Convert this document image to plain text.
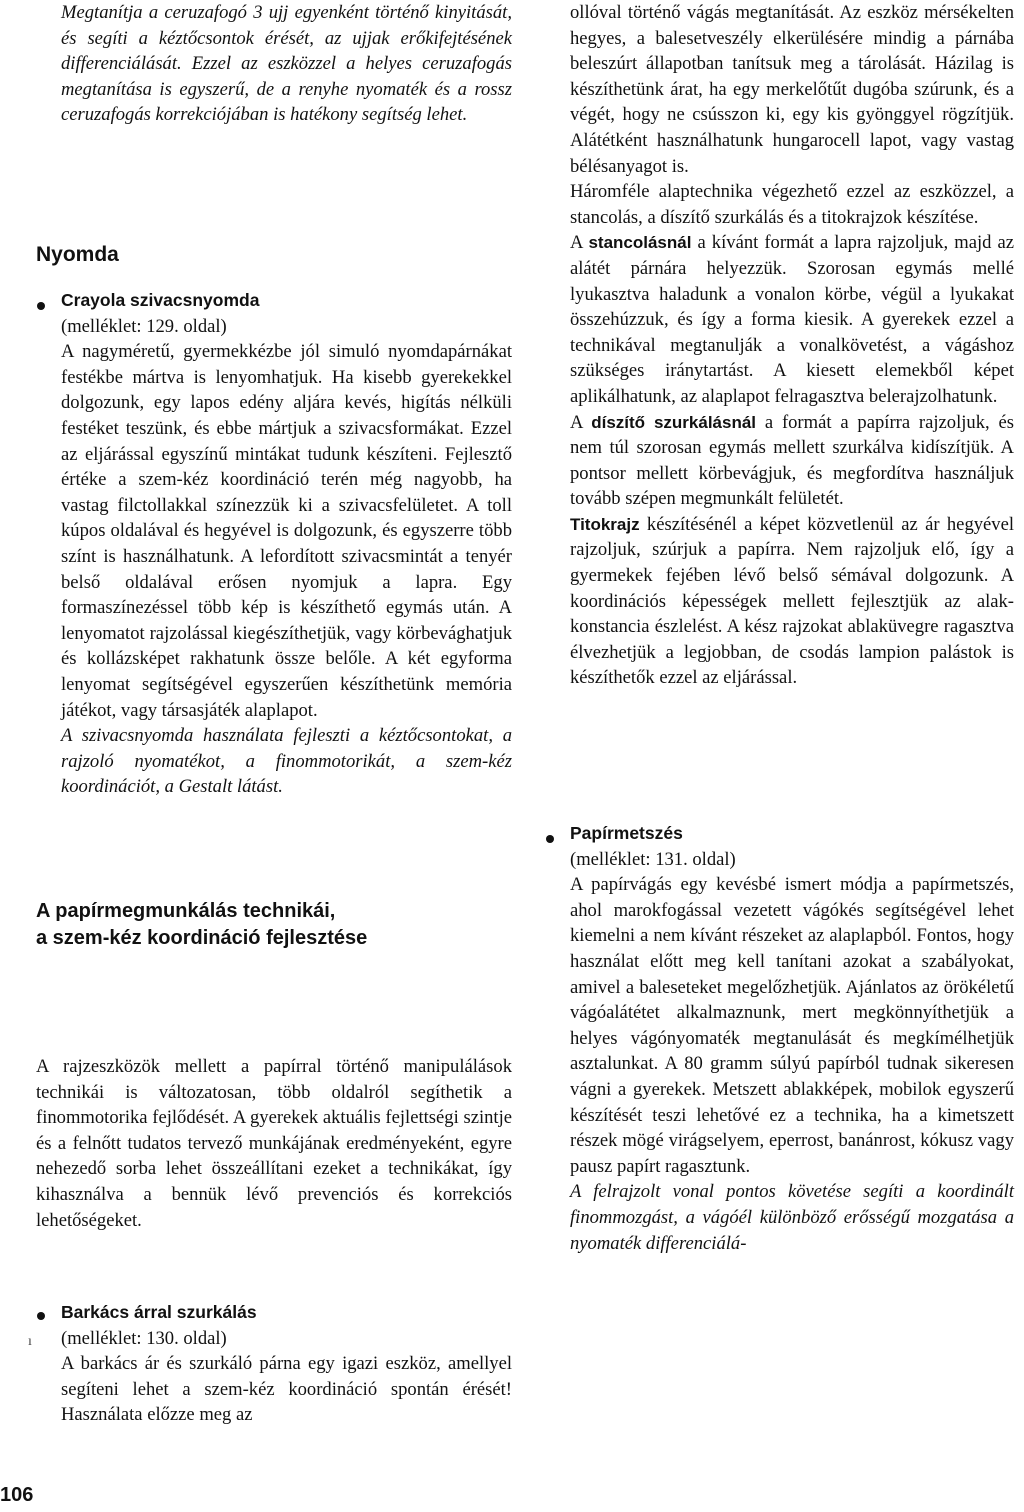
Megtanítja a ceruzafogó 3 ujj egyenként történő kinyitását, és segíti a kéztőcsontok érését, az ujjak erőkifejtésének differenciálását. Ezzel az eszközzel a helyes ceruzafogás megtanítása is egyszerű, de a renyhe nyomaték és a rossz ceruzafogás korrekciójában is hatékony segítség lehet.
Nyomda
Crayola szivacsnyomda
(melléklet: 129. oldal)

A nagyméretű, gyermekkézbe jól simuló nyomdapárnákat festékbe mártva is lenyomhatjuk. Ha kisebb gyerekekkel dolgozunk, egy lapos edény aljára kevés, higítás nélküli festéket teszünk, és ebbe mártjuk a szivacsformákat. Ezzel az eljárással egyszínű mintákat tudunk készíteni. Fejlesztő értéke a szem-kéz koordináció terén még nagyobb, ha vastag filctollakkal színezzük ki a szivacsfelületet. A toll kúpos oldalával és hegyével is dolgozunk, és egyszerre több színt is használhatunk. A lefordított szivacsmintát a tenyér belső oldalával erősen nyomjuk a lapra. Egy formaszínezéssel több kép is készíthető egymás után. A lenyomatot rajzolással kiegészíthetjük, vagy körbevághatjuk és kollázsképet rakhatunk össze belőle. A két egyforma lenyomat segítségével egyszerűen készíthetünk memória játékot, vagy társasjáték alaplapot.

A szivacsnyomda használata fejleszti a kéztőcsontokat, a rajzoló nyomatékot, a finommotorikát, a szem-kéz koordinációt, a Gestalt látást.

A papírmegmunkálás technikái,
a szem-kéz koordináció fejlesztése
A rajzeszközök mellett a papírral történő manipulálások technikái is változatosan, több oldalról segíthetik a finommotorika fejlődését. A gyerekek aktuális fejlettségi szintje és a felnőtt tudatos tervező munkájának eredményeként, egyre nehezedő sorba lehet összeállítani ezeket a technikákat, így kihasználva a bennük lévő prevenciós és korrekciós lehetőségeket.
ı
Barkács árral szurkálás
(melléklet: 130. oldal)

A barkács ár és szurkáló párna egy igazi eszköz, amellyel segíteni lehet a szem-kéz koordináció spontán érését! Használata előzze meg az

ollóval történő vágás megtanítását. Az eszköz mérsékelten hegyes, a balesetveszély elkerülésére mindig a párnába beleszúrt állapotban tanítsuk meg a tárolását. Házilag is készíthetünk árat, ha egy merkelőtűt dugóba szúrunk, és a végét, hogy ne csússzon ki, egy kis gyönggyel rögzítjük. Alátétként használhatunk hungarocell lapot, vagy vastag bélésanyagot is.

Háromféle alaptechnika végezhető ezzel az eszközzel, a stancolás, a díszítő szurkálás és a titokrajzok készítése.

A stancolásnál a kívánt formát a lapra rajzoljuk, majd az alátét párnára helyezzük. Szorosan egymás mellé lyukasztva haladunk a vonalon körbe, végül a lyukakat összehúzzuk, és így a forma kiesik. A gyerekek ezzel a technikával megtanulják a vonalkövetést, a vágáshoz szükséges iránytartást. A kiesett elemekből képet aplikálhatunk, az alaplapot felragasztva belerajzolhatunk.

A díszítő szurkálásnál a formát a papírra rajzoljuk, és nem túl szorosan egymás mellett szurkálva kidíszítjük. A pontsor mellett körbevágjuk, és megfordítva használjuk tovább szépen megmunkált felületét.

Titokrajz készítésénél a képet közvetlenül az ár hegyével rajzoljuk, szúrjuk a papírra. Nem rajzoljuk elő, így a gyermekek fejében lévő belső sémával dolgozunk. A koordinációs képességek mellett fejlesztjük az alak-konstancia észlelést. A kész rajzokat ablaküvegre ragasztva élvezhetjük a legjobban, de csodás lampion palástok is készíthetők ezzel az eljárással.

Papírmetszés
(melléklet: 131. oldal)

A papírvágás egy kevésbé ismert módja a papírmetszés, ahol marokfogással vezetett vágókés segítségével lehet kiemelni a nem kívánt részeket az alaplapból. Fontos, hogy használat előtt meg kell tanítani azokat a szabályokat, amivel a baleseteket megelőzhetjük. Ajánlatos az örökéletű vágóalátétet alkalmaznunk, mert megkönnyíthetjük a helyes vágónyomaték megtanulását és megkímélhetjük asztalunkat. A 80 gramm súlyú papírból tudnak sikeresen vágni a gyerekek. Metszett ablakképek, mobilok egyszerű készítését teszi lehetővé ez a technika, ha a kimetszett részek mögé virágselyem, eperrost, banánrost, kókusz vagy pausz papírt ragasztunk.

A felrajzolt vonal pontos követése segíti a koordinált finommozgást, a vágóél különböző erősségű mozgatása a nyomaték differenciálá-

106
